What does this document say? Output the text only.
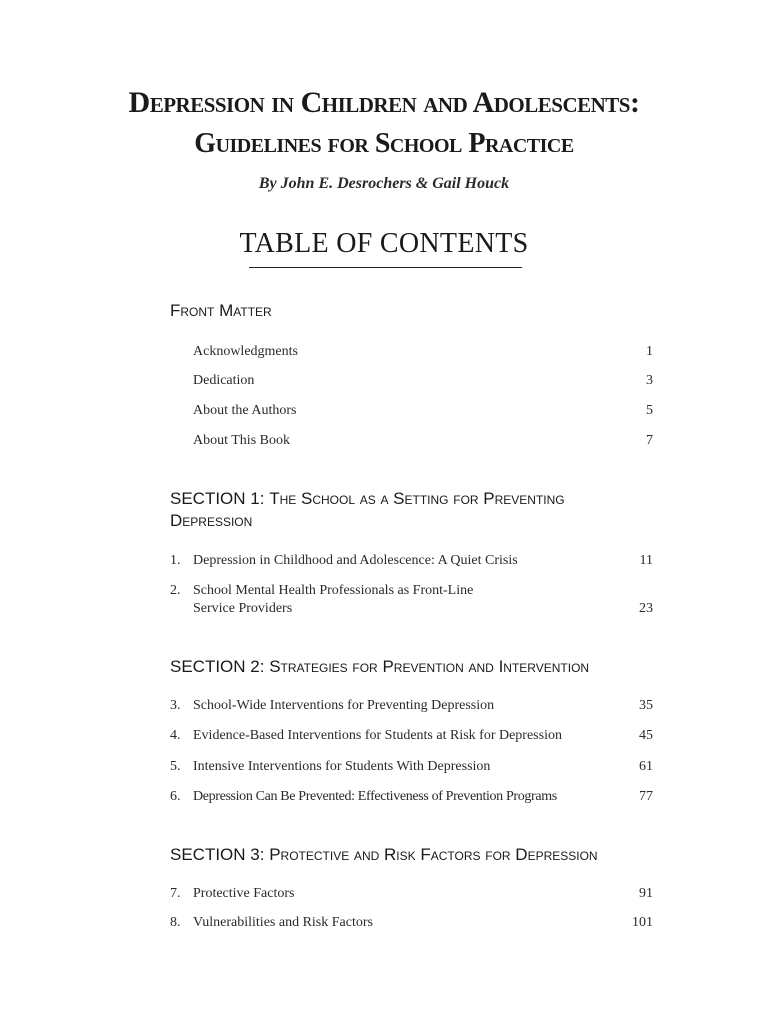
Depression in Children and Adolescents:
Guidelines for School Practice
By John E. Desrochers & Gail Houck
TABLE OF CONTENTS
Front Matter
Acknowledgments	1
Dedication	3
About the Authors	5
About This Book	7
SECTION 1: The School as a Setting for Preventing
Depression
1. Depression in Childhood and Adolescence: A Quiet Crisis	11
2. School Mental Health Professionals as Front-Line
Service Providers	23
SECTION 2: Strategies for Prevention and Intervention
3. School-Wide Interventions for Preventing Depression	35
4. Evidence-Based Interventions for Students at Risk for Depression	45
5. Intensive Interventions for Students With Depression	61
6. Depression Can Be Prevented: Effectiveness of Prevention Programs	77
SECTION 3: Protective and Risk Factors for Depression
7. Protective Factors	91
8. Vulnerabilities and Risk Factors	101
